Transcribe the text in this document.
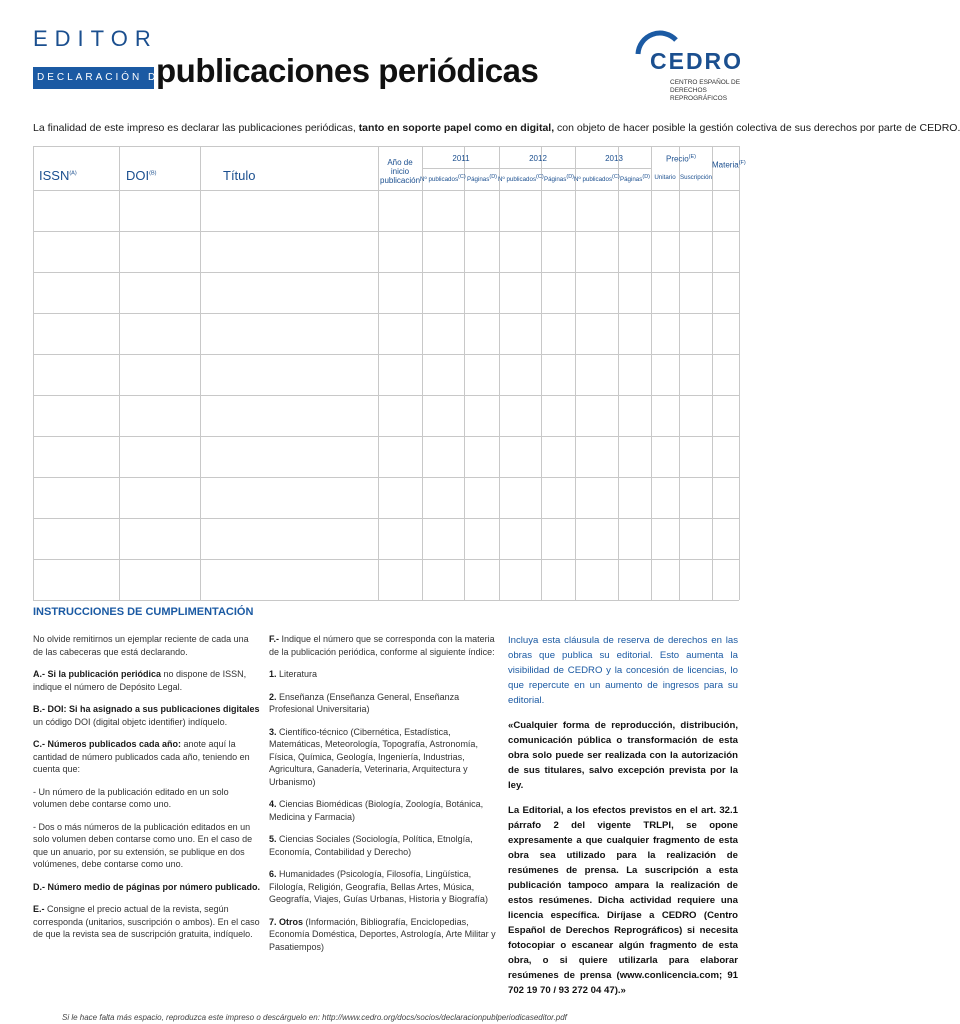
EDITOR
DECLARACIÓN DE
publicaciones periódicas	CEDRO
CENTRO ESPAÑOL DE DERECHOS REPROGRÁFICOS
La finalidad de este impreso es declarar las publicaciones periódicas, tanto en soporte papel como en digital, con objeto de hacer posible la gestión colectiva de sus derechos por parte de CEDRO.
$ISSN^{(A)}$	$DOI^{(B)}$	Título
Año de inicio publicación
2011	2012	2013
Nº publicados$^{(C)}$ Páginas$^{(D)}$ Nº publicados$^{(C)}$ Páginas$^{(D)}$ Nº publicados$^{(C)}$ Páginas$^{(D)}$
Precio$^{(E)}$
Unitario Suscripción
Materia$^{(F)}$
INSTRUCCIONES DE CUMPLIMENTACIÓN

No olvide remitirnos un ejemplar reciente de cada una de las cabeceras que está declarando.

A.- Si la publicación periódica no dispone de ISSN, indique el número de Depósito Legal.

B.- DOI: Si ha asignado a sus publicaciones digitales un código DOI (digital objetc identifier) indíquelo.

C.- Números publicados cada año: anote aquí la cantidad de número publicados cada año, teniendo en cuenta que:

- Un número de la publicación editado en un solo volumen debe contarse como uno.

- Dos o más números de la publicación editados en un solo volumen deben contarse como uno. En el caso de que un anuario, por su extensión, se publique en dos volúmenes, debe contarse como uno.

D.- Número medio de páginas por número publicado.

E.- Consigne el precio actual de la revista, según corresponda (unitarios, suscripción o ambos). En el caso de que la revista sea de suscripción gratuita, indíquelo.

F.- Indique el número que se corresponda con la materia de la publicación periódica, conforme al siguiente índice:

1. Literatura

2. Enseñanza (Enseñanza General, Enseñanza Profesional Universitaria)

3. Científico-técnico (Cibernética, Estadística, Matemáticas, Meteorología, Topografía, Astronomía, Física, Química, Geología, Ingeniería, Industrias, Agricultura, Ganadería, Veterinaria, Arquitectura y Urbanismo)

4. Ciencias Biomédicas (Biología, Zoología, Botánica, Medicina y Farmacia)

5. Ciencias Sociales (Sociología, Política, Etnolgía, Economía, Contabilidad y Derecho)

6. Humanidades (Psicología, Filosofía, Lingüística, Filología, Religión, Geografía, Bellas Artes, Música, Geografía, Viajes, Guías Urbanas, Historia y Biografía)

7. Otros (Información, Bibliografía, Enciclopedias, Economía Doméstica, Deportes, Astrología, Arte Militar y Pasatiempos)

Incluya esta cláusula de reserva de derechos en las obras que publica su editorial. Esto aumenta la visibilidad de CEDRO y la concesión de licencias, lo que repercute en un aumento de ingresos para su editorial.

«Cualquier forma de reproducción, distribución, comunicación pública o transformación de esta obra solo puede ser realizada con la autorización de sus titulares, salvo excepción prevista por la ley.

La Editorial, a los efectos previstos en el art. 32.1 párrafo 2 del vigente TRLPI, se opone expresamente a que cualquier fragmento de esta obra sea utilizado para la realización de resúmenes de prensa. La suscripción a esta publicación tampoco ampara la realización de estos resúmenes. Dicha actividad requiere una licencia específica. Diríjase a CEDRO (Centro Español de Derechos Reprográficos) si necesita fotocopiar o escanear algún fragmento de esta obra, o si quiere utilizarla para elaborar resúmenes de prensa (www.conlicencia.com; 91 702 19 70 / 93 272 04 47).»

Si le hace falta más espacio, reproduzca este impreso o descárguelo en: http://www.cedro.org/docs/socios/declaracionpublperiodicaseditor.pdf
